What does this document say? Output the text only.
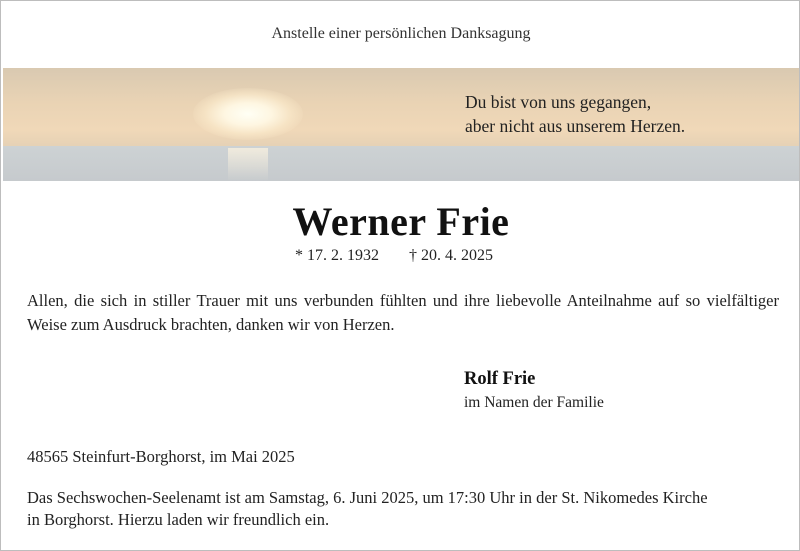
Anstelle einer persönlichen Danksagung
Du bist von uns gegangen,
aber nicht aus unserem Herzen.
Werner Frie
* 17. 2. 1932 † 20. 4. 2025
Allen, die sich in stiller Trauer mit uns verbunden fühlten und ihre liebevolle Anteilnahme auf so vielfältiger Weise zum Ausdruck brachten, danken wir von Herzen.
Rolf Frie
im Namen der Familie
48565 Steinfurt-Borghorst, im Mai 2025
Das Sechswochen-Seelenamt ist am Samstag, 6. Juni 2025, um 17:30 Uhr in der St. Nikomedes Kirche
in Borghorst. Hierzu laden wir freundlich ein.
